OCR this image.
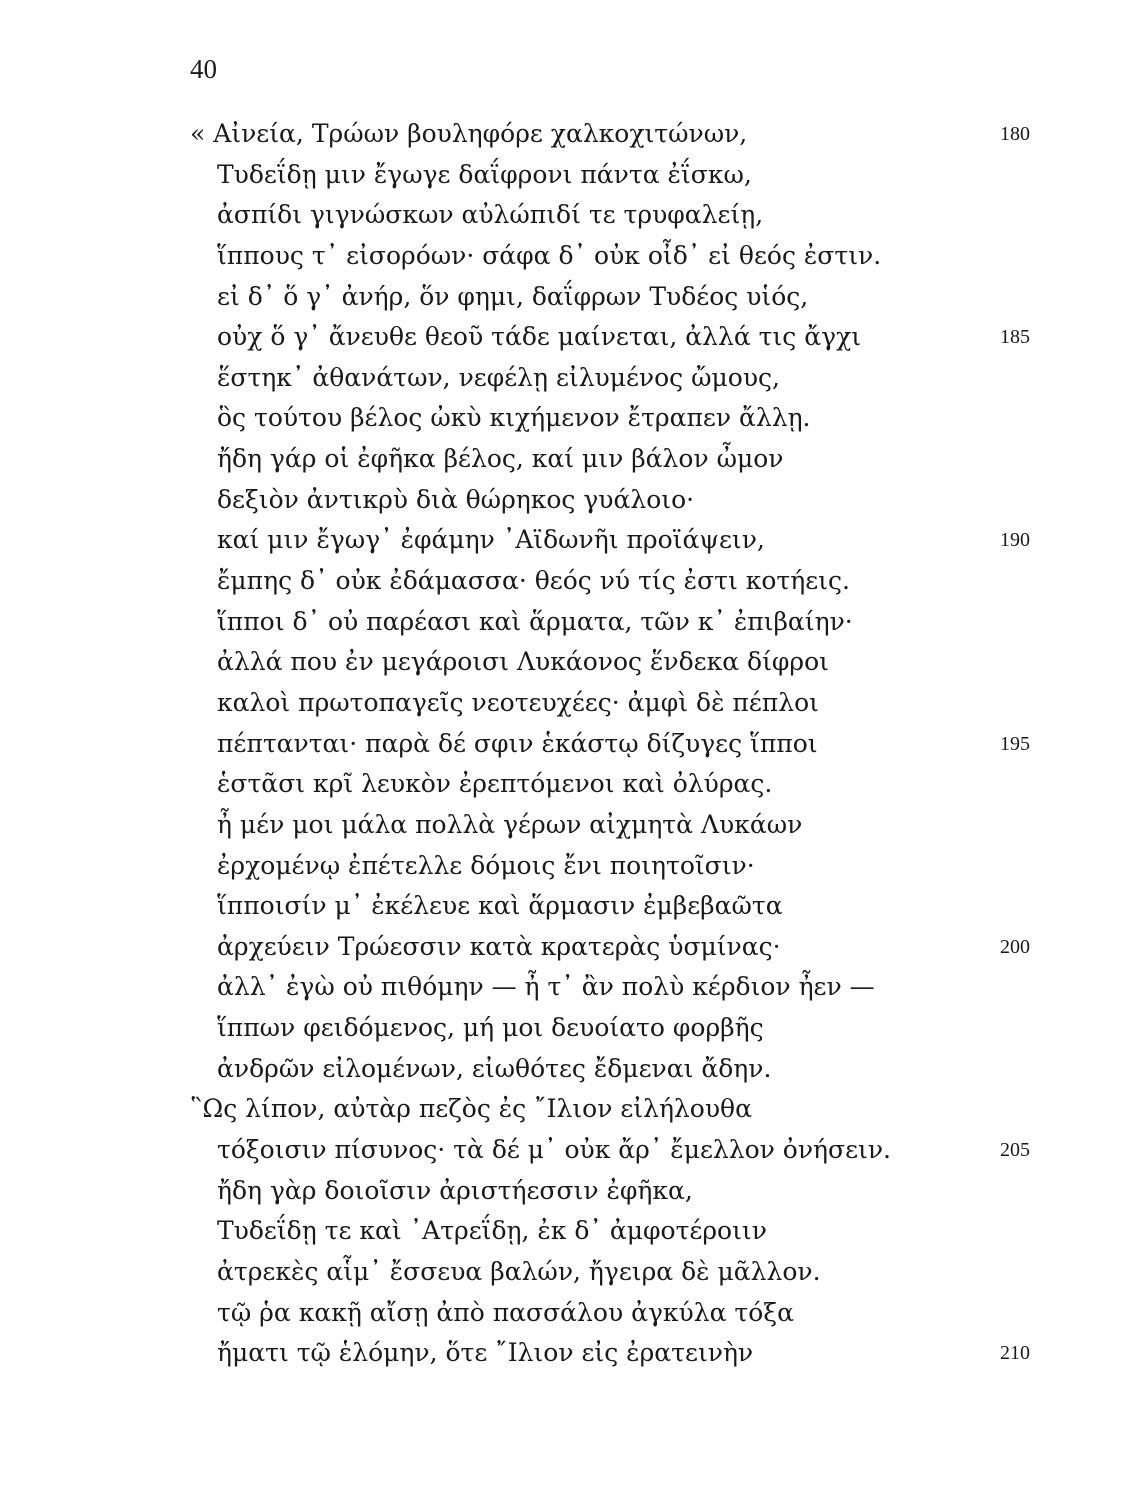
40
« Αἰνεία, Τρώων βουληφόρε χαλκοχιτώνων,	180
Τυδεΐδῃ μιν ἔγωγε δαΐφρονι πάντα ἐΐσκω,
ἀσπίδι γιγνώσκων αὐλώπιδί τε τρυφαλείῃ,
ἵππους τ᾽ εἰσορόων· σάφα δ᾽ οὐκ οἶδ᾽ εἰ θεός ἐστιν.
εἰ δ᾽ ὅ γ᾽ ἀνήρ, ὅν φημι, δαΐφρων Τυδέος υἱός,
οὐχ ὅ γ᾽ ἄνευθε θεοῦ τάδε μαίνεται, ἀλλά τις ἄγχι	185
ἕστηκ᾽ ἀθανάτων, νεφέλῃ εἰλυμένος ὤμους,
ὃς τούτου βέλος ὠκὺ κιχήμενον ἔτραπεν ἄλλῃ.
ἤδη γάρ οἱ ἐφῆκα βέλος, καί μιν βάλον ὦμον
δεξιὸν ἀντικρὺ διὰ θώρηκος γυάλοιο·
καί μιν ἔγωγ᾽ ἐφάμην ᾽Αϊδωνῆι προϊάψειν,	190
ἔμπης δ᾽ οὐκ ἐδάμασσα· θεός νύ τίς ἐστι κοτήεις.
ἵπποι δ᾽ οὐ παρέασι καὶ ἅρματα, τῶν κ᾽ ἐπιβαίην·
ἀλλά που ἐν μεγάροισι Λυκάονος ἕνδεκα δίφροι
καλοὶ πρωτοπαγεῖς νεοτευχέες· ἀμφὶ δὲ πέπλοι
πέπτανται· παρὰ δέ σφιν ἑκάστῳ δίζυγες ἵπποι	195
ἑστᾶσι κρῖ λευκὸν ἐρεπτόμενοι καὶ ὀλύρας.
ἦ μέν μοι μάλα πολλὰ γέρων αἰχμητὰ Λυκάων
ἐρχομένῳ ἐπέτελλε δόμοις ἔνι ποιητοῖσιν·
ἵπποισίν μ᾽ ἐκέλευε καὶ ἅρμασιν ἐμβεβαῶτα
ἀρχεύειν Τρώεσσιν κατὰ κρατερὰς ὑσμίνας·	200
ἀλλ᾽ ἐγὼ οὐ πιθόμην — ἦ τ᾽ ἂν πολὺ κέρδιον ἦεν —
ἵππων φειδόμενος, μή μοι δευοίατο φορβῆς
ἀνδρῶν εἰλομένων, εἰωθότες ἔδμεναι ἄδην.
῝Ως λίπον, αὐτὰρ πεζὸς ἐς ῎Ιλιον εἰλήλουθα
τόξοισιν πίσυνος· τὰ δέ μ᾽ οὐκ ἄρ᾽ ἔμελλον ὀνήσειν.	205
ἤδη γὰρ δοιοῖσιν ἀριστήεσσιν ἐφῆκα,
Τυδεΐδῃ τε καὶ ᾽Ατρεΐδῃ, ἐκ δ᾽ ἀμφοτέροιιν
ἀτρεκὲς αἷμ᾽ ἔσσευα βαλών, ἤγειρα δὲ μᾶλλον.
τῷ ῥα κακῇ αἴσῃ ἀπὸ πασσάλου ἀγκύλα τόξα
ἤματι τῷ ἑλόμην, ὅτε ῎Ιλιον εἰς ἐρατεινὴν	210
